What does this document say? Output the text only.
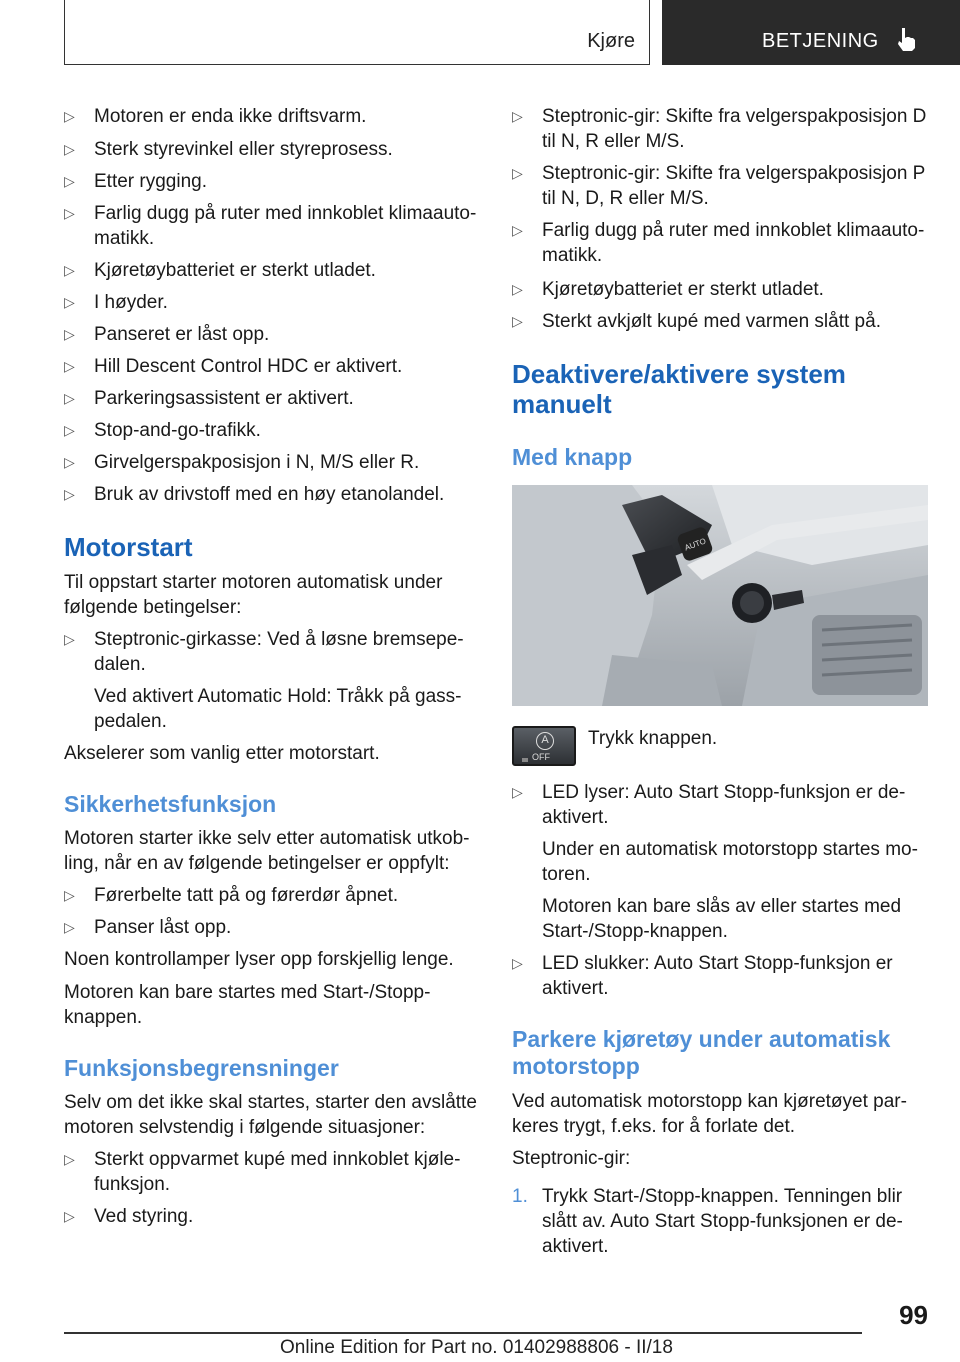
Kjøre	BETJENING
▷	Motoren er enda ikke driftsvarm.
▷	Sterk styrevinkel eller styreprosess.
▷	Etter rygging.
▷	Farlig dugg på ruter med innkoblet klimaauto-
matikk.
▷	Kjøretøybatteriet er sterkt utladet.
▷	I høyder.
▷	Panseret er låst opp.
▷	Hill Descent Control HDC er aktivert.
▷	Parkeringsassistent er aktivert.
▷	Stop-and-go-trafikk.
▷	Girvelgerspakposisjon i N, M/S eller R.
▷	Bruk av drivstoff med en høy etanolandel.
Motorstart
Til oppstart starter motoren automatisk under
følgende betingelser:
▷	Steptronic-girkasse: Ved å løsne bremsepe-
dalen.
Ved aktivert Automatic Hold: Tråkk på gass-
pedalen.
Akselerer som vanlig etter motorstart.
Sikkerhetsfunksjon
Motoren starter ikke selv etter automatisk utkob-
ling, når en av følgende betingelser er oppfylt:
▷	Førerbelte tatt på og førerdør åpnet.
▷	Panser låst opp.
Noen kontrollamper lyser opp forskjellig lenge.
Motoren kan bare startes med Start-/Stopp-
knappen.
Funksjonsbegrensninger
Selv om det ikke skal startes, starter den avslåtte
motoren selvstendig i følgende situasjoner:
▷	Sterkt oppvarmet kupé med innkoblet kjøle-
funksjon.
▷	Ved styring.
▷	Steptronic-gir: Skifte fra velgerspakposisjon D
til N, R eller M/S.
▷	Steptronic-gir: Skifte fra velgerspakposisjon P
til N, D, R eller M/S.
▷	Farlig dugg på ruter med innkoblet klimaauto-
matikk.
▷	Kjøretøybatteriet er sterkt utladet.
▷	Sterkt avkjølt kupé med varmen slått på.
Deaktivere/aktivere system
manuelt
Med knapp
AUTO
A
OFF
Trykk knappen.
▷	LED lyser: Auto Start Stopp-funksjon er de-
aktivert.
Under en automatisk motorstopp startes mo-
toren.
Motoren kan bare slås av eller startes med
Start-/Stopp-knappen.
▷	LED slukker: Auto Start Stopp-funksjon er
aktivert.
Parkere kjøretøy under automatisk
motorstopp
Ved automatisk motorstopp kan kjøretøyet par-
keres trygt, f.eks. for å forlate det.
Steptronic-gir:
1. Trykk Start-/Stopp-knappen. Tenningen blir
slått av. Auto Start Stopp-funksjonen er de-
aktivert.
99
Online Edition for Part no. 01402988806 - II/18
